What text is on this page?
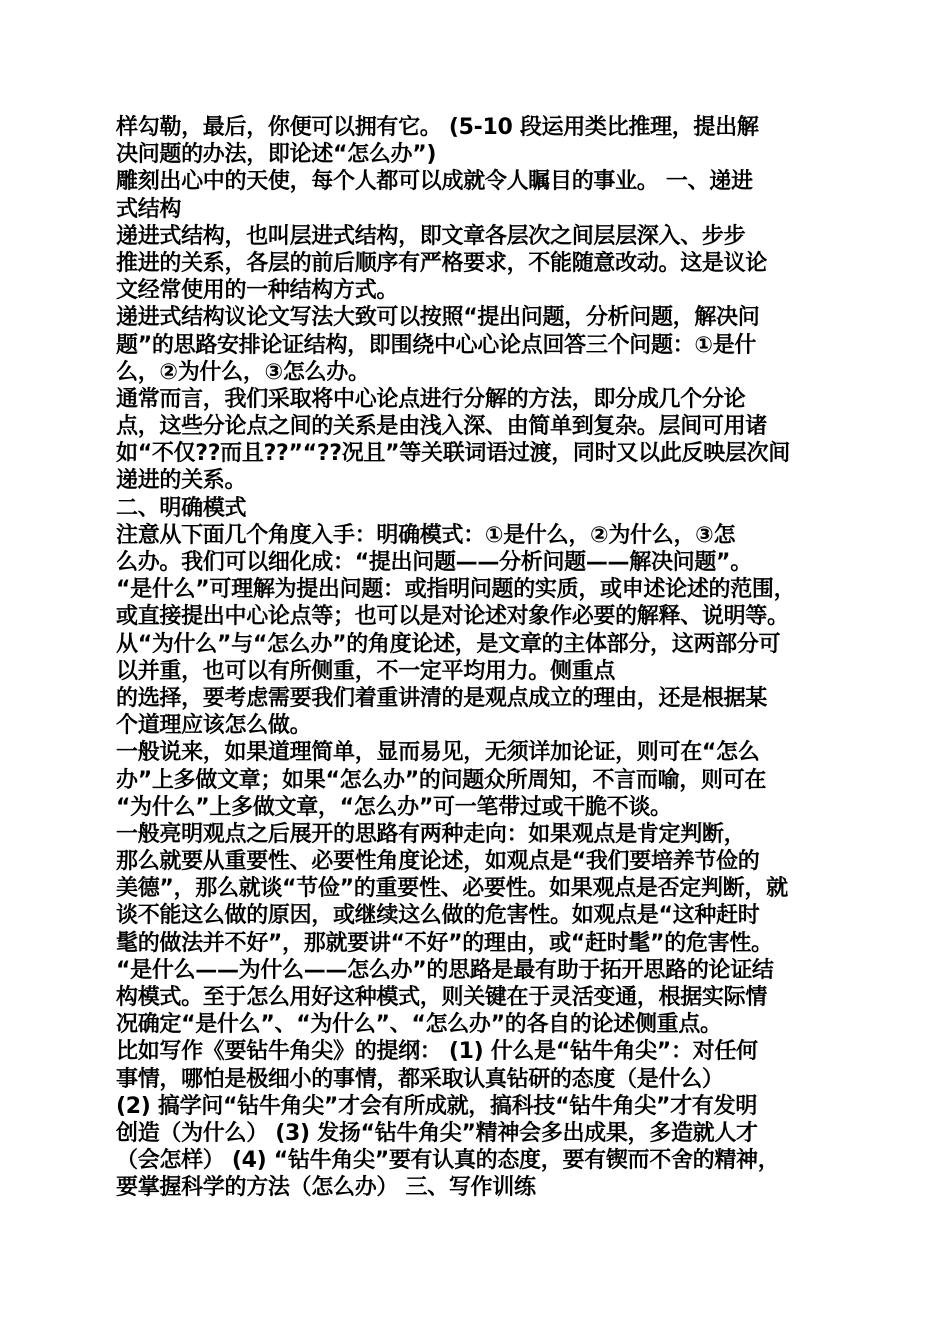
样勾勒，最后，你便可以拥有它。 (5-10 段运用类比推理，提出解
决问题的办法，即论述“怎么办”)
雕刻出心中的天使，每个人都可以成就令人瞩目的事业。 一、递进
式结构
递进式结构，也叫层进式结构，即文章各层次之间层层深入、步步
推进的关系，各层的前后顺序有严格要求，不能随意改动。这是议论
文经常使用的一种结构方式。
递进式结构议论文写法大致可以按照“提出问题，分析问题，解决问
题”的思路安排论证结构，即围绕中心心论点回答三个问题：①是什
么，②为什么，③怎么办。
通常而言，我们采取将中心论点进行分解的方法，即分成几个分论
点，这些分论点之间的关系是由浅入深、由简单到复杂。层间可用诸
如“不仅??而且??”“??况且”等关联词语过渡，同时又以此反映层次间
递进的关系。
二、明确模式
注意从下面几个角度入手：明确模式：①是什么，②为什么，③怎
么办。我们可以细化成：“提出问题——分析问题——解决问题”。
“是什么”可理解为提出问题：或指明问题的实质，或申述论述的范围，
或直接提出中心论点等；也可以是对论述对象作必要的解释、说明等。
从“为什么”与“怎么办”的角度论述，是文章的主体部分，这两部分可
以并重，也可以有所侧重，不一定平均用力。侧重点
的选择，要考虑需要我们着重讲清的是观点成立的理由，还是根据某
个道理应该怎么做。
一般说来，如果道理简单，显而易见，无须详加论证，则可在“怎么
办”上多做文章；如果“怎么办”的问题众所周知，不言而喻，则可在
“为什么”上多做文章，“怎么办”可一笔带过或干脆不谈。
一般亮明观点之后展开的思路有两种走向：如果观点是肯定判断，
那么就要从重要性、必要性角度论述，如观点是“我们要培养节俭的
美德”，那么就谈“节俭”的重要性、必要性。如果观点是否定判断，就
谈不能这么做的原因，或继续这么做的危害性。如观点是“这种赶时
髦的做法并不好”，那就要讲“不好”的理由，或“赶时髦”的危害性。
“是什么——为什么——怎么办”的思路是最有助于拓开思路的论证结
构模式。至于怎么用好这种模式，则关键在于灵活变通，根据实际情
况确定“是什么”、“为什么”、“怎么办”的各自的论述侧重点。
比如写作《要钻牛角尖》的提纲： (1) 什么是“钻牛角尖”：对任何
事情，哪怕是极细小的事情，都采取认真钻研的态度（是什么）
(2) 搞学问“钻牛角尖”才会有所成就，搞科技“钻牛角尖”才有发明
创造（为什么） (3) 发扬“钻牛角尖”精神会多出成果，多造就人才
（会怎样） (4) “钻牛角尖”要有认真的态度，要有锲而不舍的精神，
要掌握科学的方法（怎么办） 三、写作训练
